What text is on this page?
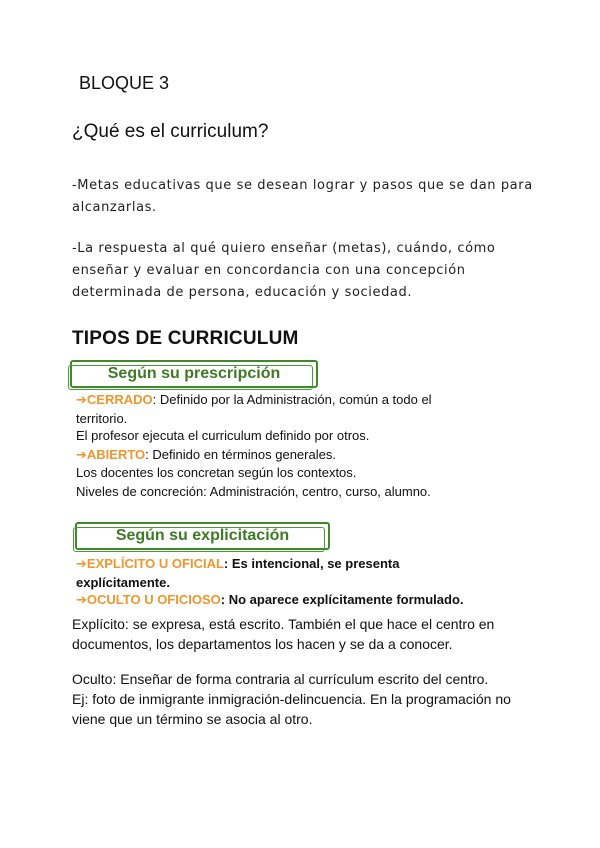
BLOQUE 3
¿Qué es el curriculum?

-Metas educativas que se desean lograr y pasos que se dan para alcanzarlas.

-La respuesta al qué quiero enseñar (metas), cuándo, cómo enseñar y evaluar en concordancia con una concepción determinada de persona, educación y sociedad.

TIPOS DE CURRICULUM
Según su prescripción
➔CERRADO: Definido por la Administración, común a todo el territorio.
El profesor ejecuta el curriculum definido por otros.
➔ABIERTO: Definido en términos generales.
Los docentes los concretan según los contextos.
Niveles de concreción: Administración, centro, curso, alumno.
Según su explicitación
➔EXPLÍCITO U OFICIAL: Es intencional, se presenta explícitamente.
➔OCULTO U OFICIOSO: No aparece explícitamente formulado.

Explícito: se expresa, está escrito. También el que hace el centro en documentos, los departamentos los hacen y se da a conocer.

Oculto: Enseñar de forma contraria al currículum escrito del centro.

Ej: foto de inmigrante inmigración-delincuencia. En la programación no viene que un término se asocia al otro.
